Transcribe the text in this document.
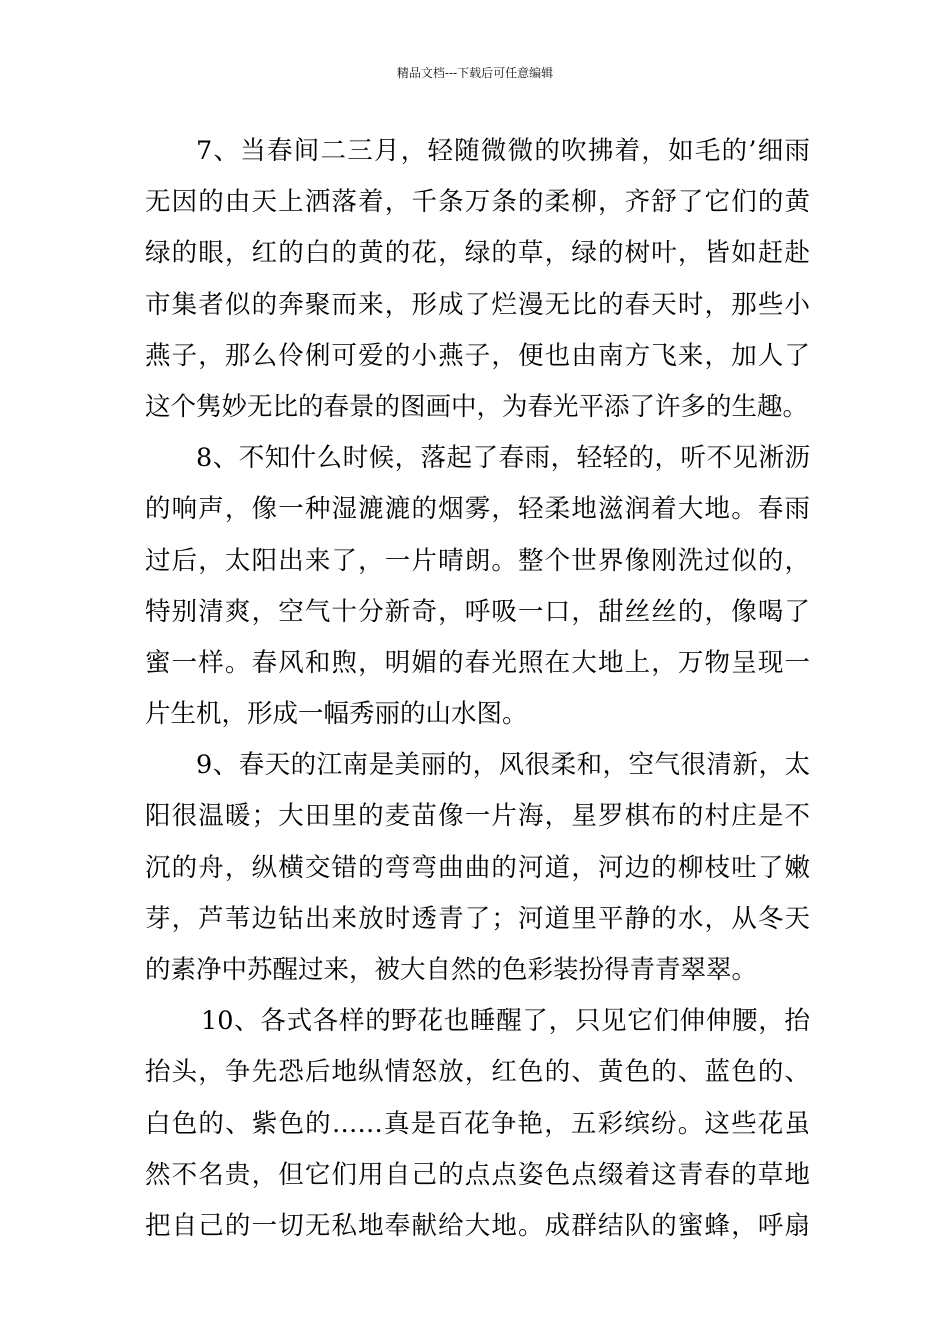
精品文档---下载后可任意编辑
7、当春间二三月，轻随微微的吹拂着，如毛的’细雨
无因的由天上洒落着，千条万条的柔柳，齐舒了它们的黄
绿的眼，红的白的黄的花，绿的草，绿的树叶，皆如赶赴
市集者似的奔聚而来，形成了烂漫无比的春天时，那些小
燕子，那么伶俐可爱的小燕子，便也由南方飞来，加人了
这个隽妙无比的春景的图画中，为春光平添了许多的生趣。
8、不知什么时候，落起了春雨，轻轻的，听不见淅沥
的响声，像一种湿漉漉的烟雾，轻柔地滋润着大地。春雨
过后，太阳出来了，一片晴朗。整个世界像刚洗过似的，
特别清爽，空气十分新奇，呼吸一口，甜丝丝的，像喝了
蜜一样。春风和煦，明媚的春光照在大地上，万物呈现一
片生机，形成一幅秀丽的山水图。
9、春天的江南是美丽的，风很柔和，空气很清新，太
阳很温暖；大田里的麦苗像一片海，星罗棋布的村庄是不
沉的舟，纵横交错的弯弯曲曲的河道，河边的柳枝吐了嫩
芽，芦苇边钻出来放时透青了；河道里平静的水，从冬天
的素净中苏醒过来，被大自然的色彩装扮得青青翠翠。
10、各式各样的野花也睡醒了，只见它们伸伸腰，抬
抬头，争先恐后地纵情怒放，红色的、黄色的、蓝色的、
白色的、紫色的……真是百花争艳，五彩缤纷。这些花虽
然不名贵，但它们用自己的点点姿色点缀着这青春的草地
把自己的一切无私地奉献给大地。成群结队的蜜蜂，呼扇
